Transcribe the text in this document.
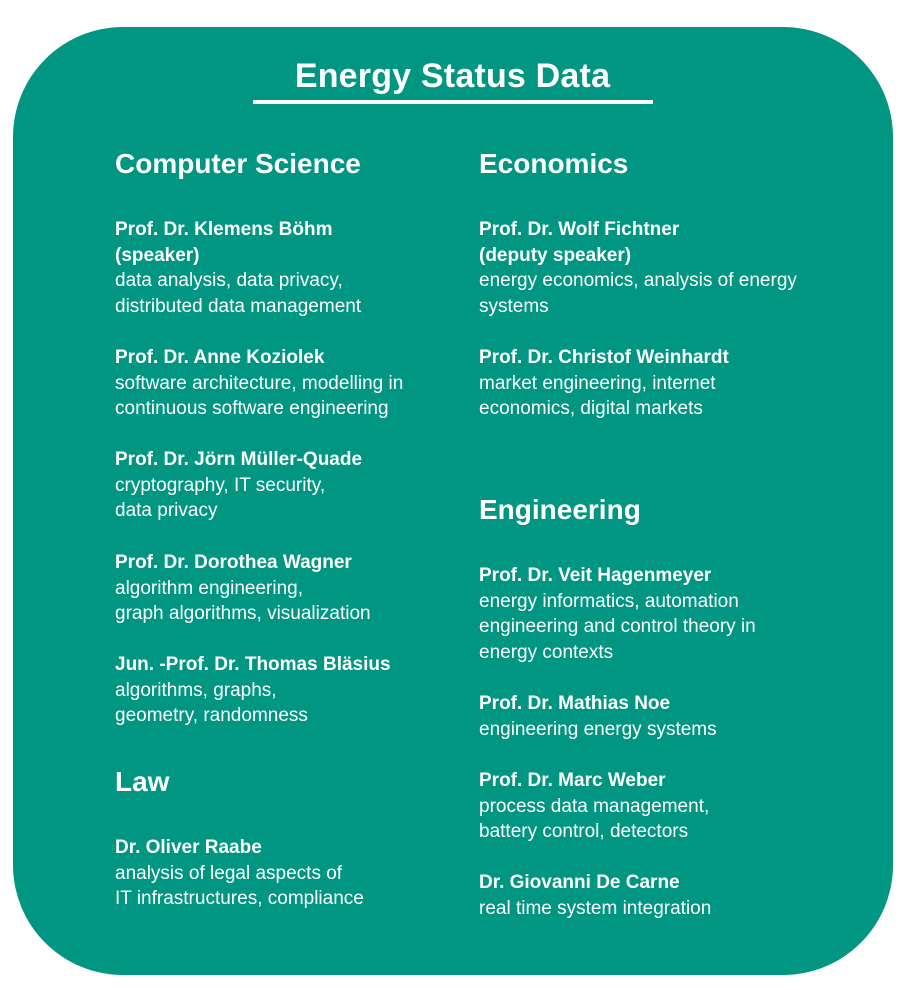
Energy Status Data
Computer Science
Prof. Dr. Klemens Böhm
(speaker)
data analysis, data privacy,
distributed data management
Prof. Dr. Anne Koziolek
software architecture, modelling in
continuous software engineering
Prof. Dr. Jörn Müller-Quade
cryptography, IT security,
data privacy
Prof. Dr. Dorothea Wagner
algorithm engineering,
graph algorithms, visualization
Jun. -Prof. Dr. Thomas Bläsius
algorithms, graphs,
geometry, randomness
Law
Dr. Oliver Raabe
analysis of legal aspects of
IT infrastructures, compliance
Economics
Prof. Dr. Wolf Fichtner
(deputy speaker)
energy economics, analysis of energy
systems
Prof. Dr. Christof Weinhardt
market engineering, internet
economics, digital markets
Engineering
Prof. Dr. Veit Hagenmeyer
energy informatics, automation
engineering and control theory in
energy contexts
Prof. Dr. Mathias Noe
engineering energy systems
Prof. Dr. Marc Weber
process data management,
battery control, detectors
Dr. Giovanni De Carne
real time system integration
